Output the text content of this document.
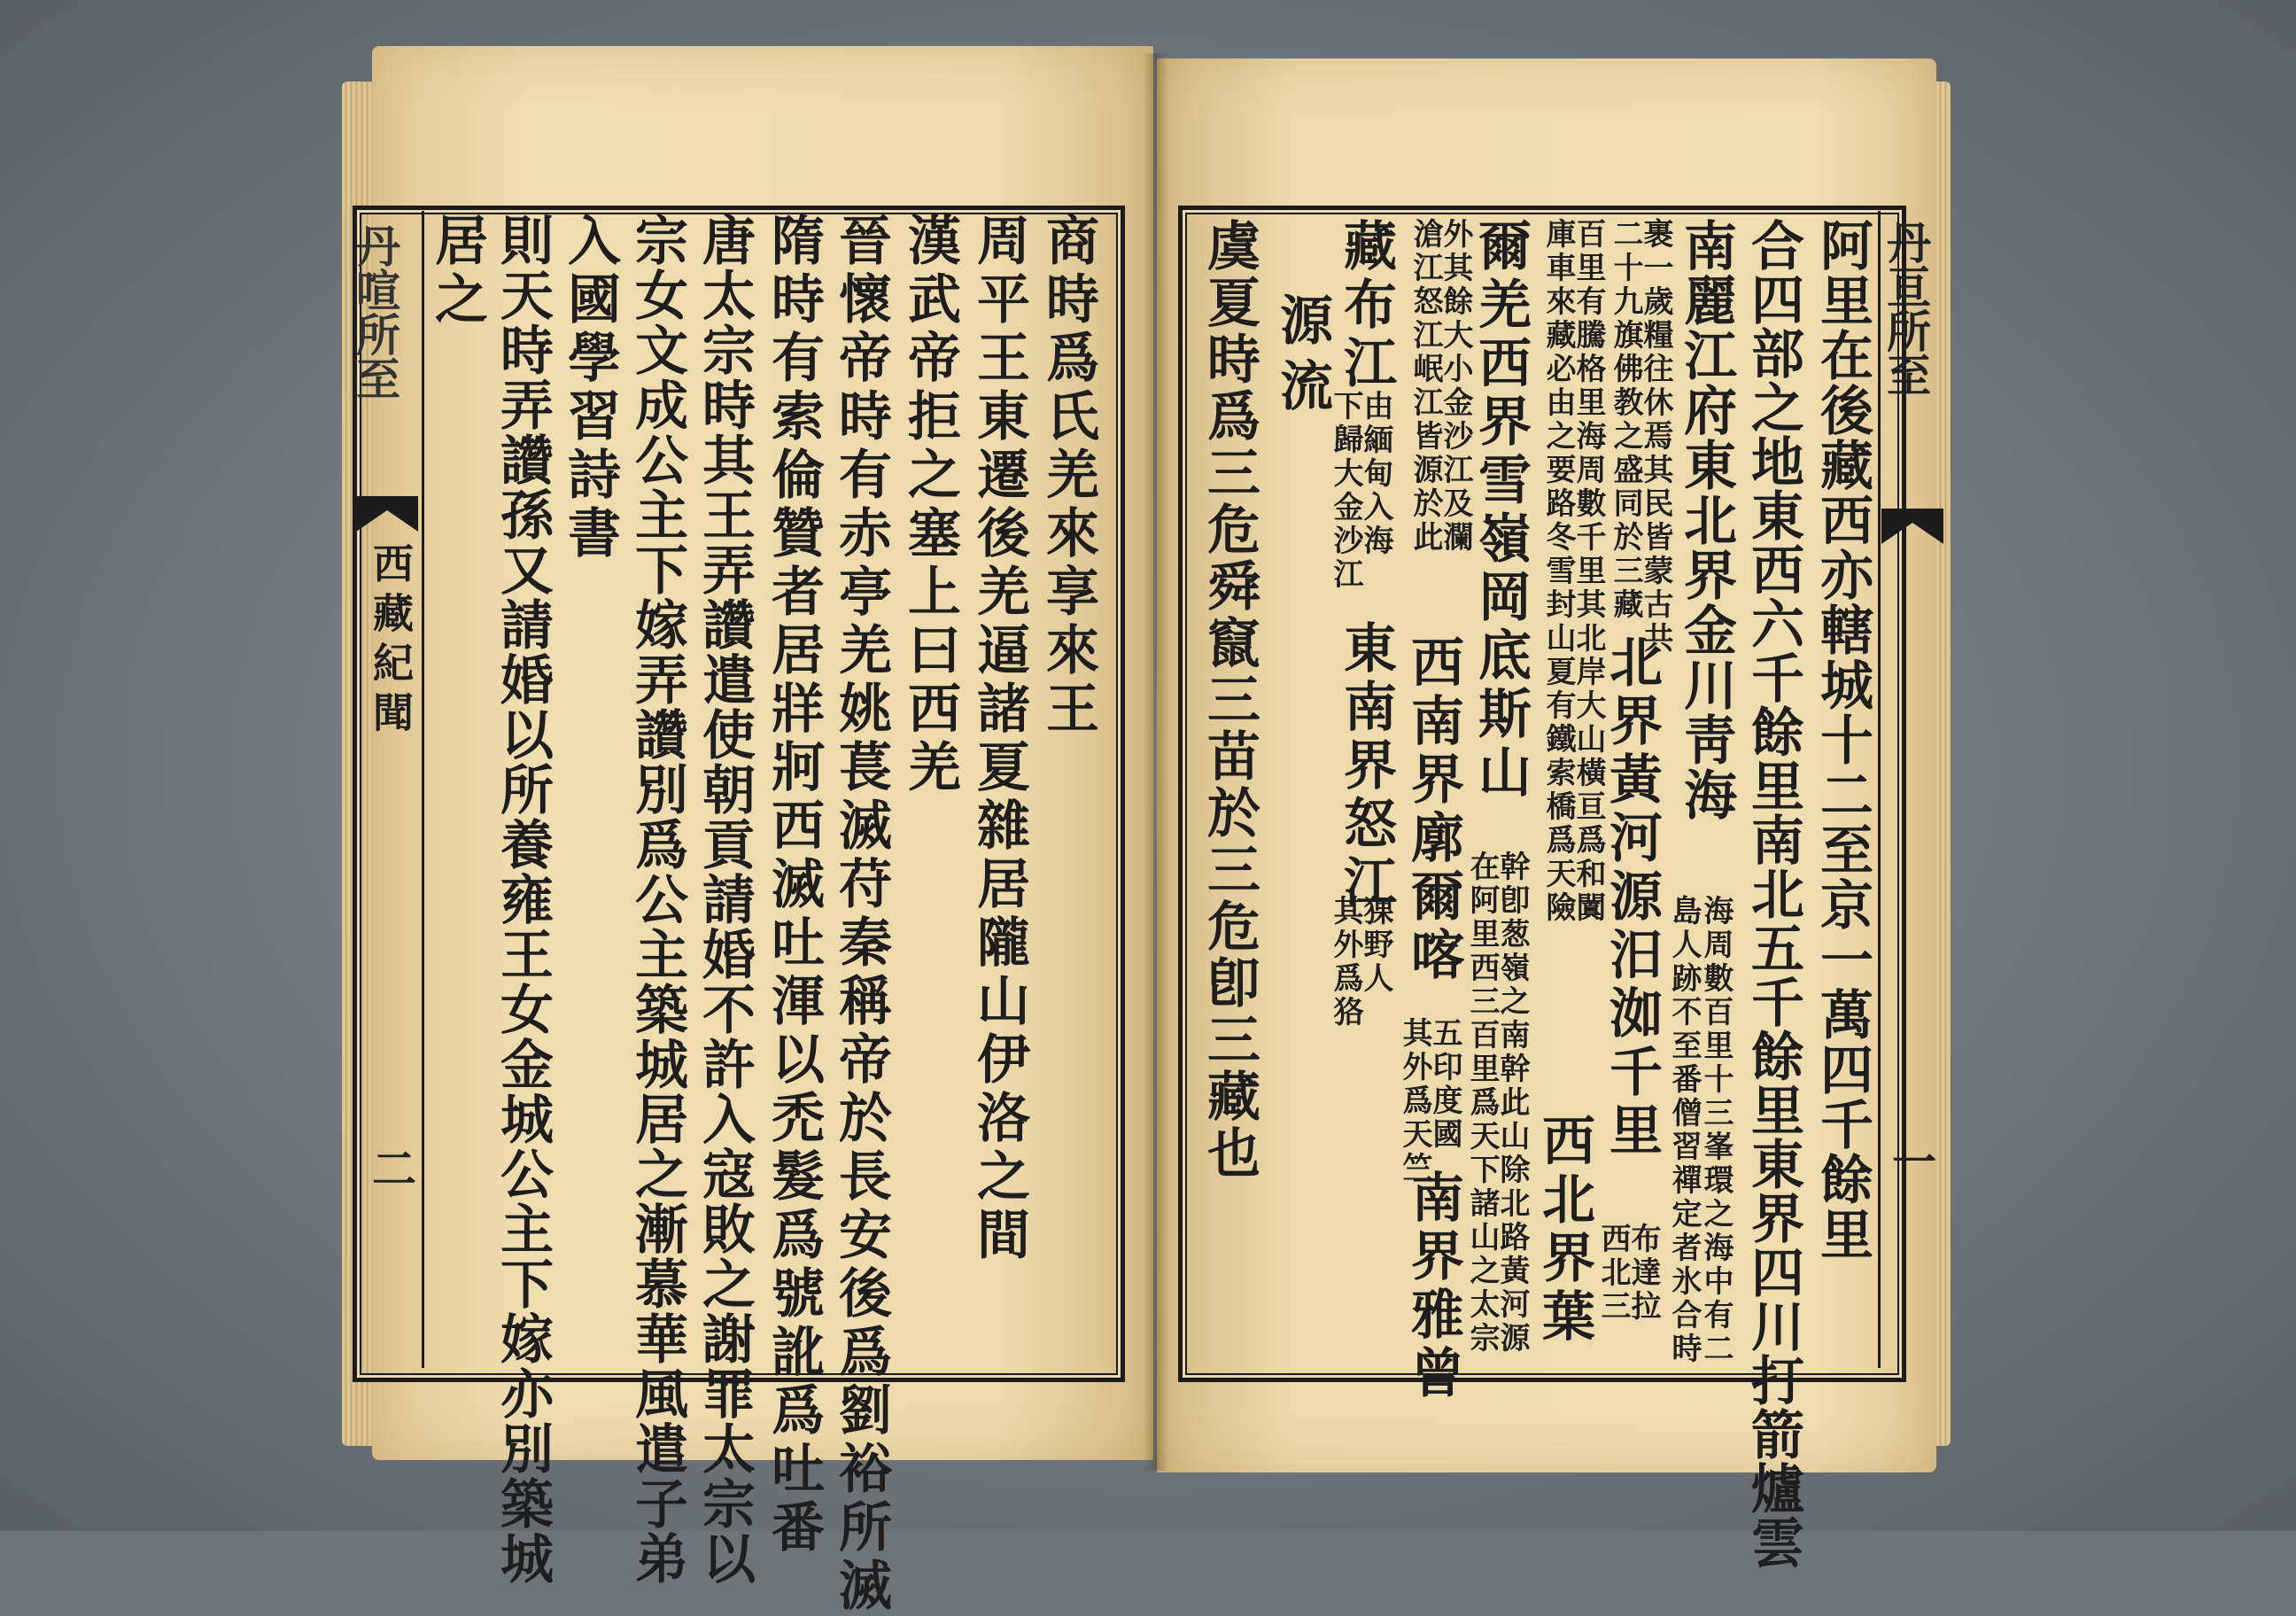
丹喧所至
西藏紀聞
二
商時爲氏羌來享來王
周平王東遷後羌逼諸夏雜居隴山伊洛之間
漢武帝拒之塞上曰西羌
晉懷帝時有赤亭羌姚萇滅苻秦稱帝於長安後爲劉裕所滅
隋時有索倫贊者居牂牁西滅吐渾以禿髮爲號訛爲吐番
唐太宗時其王弄讚遣使朝貢請婚不許入寇敗之謝罪太宗以
宗女文成公主下嫁弄讚別爲公主築城居之漸慕華風遣子弟
入國學習詩書
則天時弄讚孫又請婚以所養雍王女金城公主下嫁亦別築城
居之	丹亘所至
一
阿里在後藏西亦轄城十二至京一萬四千餘里
合四部之地東西六千餘里南北五千餘里東界四川打箭爐雲
南麗江府東北界金川靑海
海周數百里十三峯環之海中有二
島人跡不至番僧習禪定者氷合時
裹一歲糧往休焉其民皆蒙古共
二十九旗佛教之盛同於三藏
北界黃河源汨洳千里
布達拉
西北三
百里有騰格里海周數千里其北岸大山橫亘爲和闐
庫車來藏必由之要路冬雪封山夏有鐵索橋爲天險
西北界葉
爾羌西界雪嶺岡底斯山
幹卽葱嶺之南幹此山除北路黃河源
在阿里西三百里爲天下諸山之太宗
外其餘大小金沙江及瀾
滄江怒江岷江皆源於此
西南界廓爾喀
五印度國
其外爲天竺
南界雅曾
藏布江
由緬甸入海
下歸大金沙江
東南界怒江
猓野人
其外爲狢
源流
虞夏時爲三危舜竄三苗於三危卽三藏也
